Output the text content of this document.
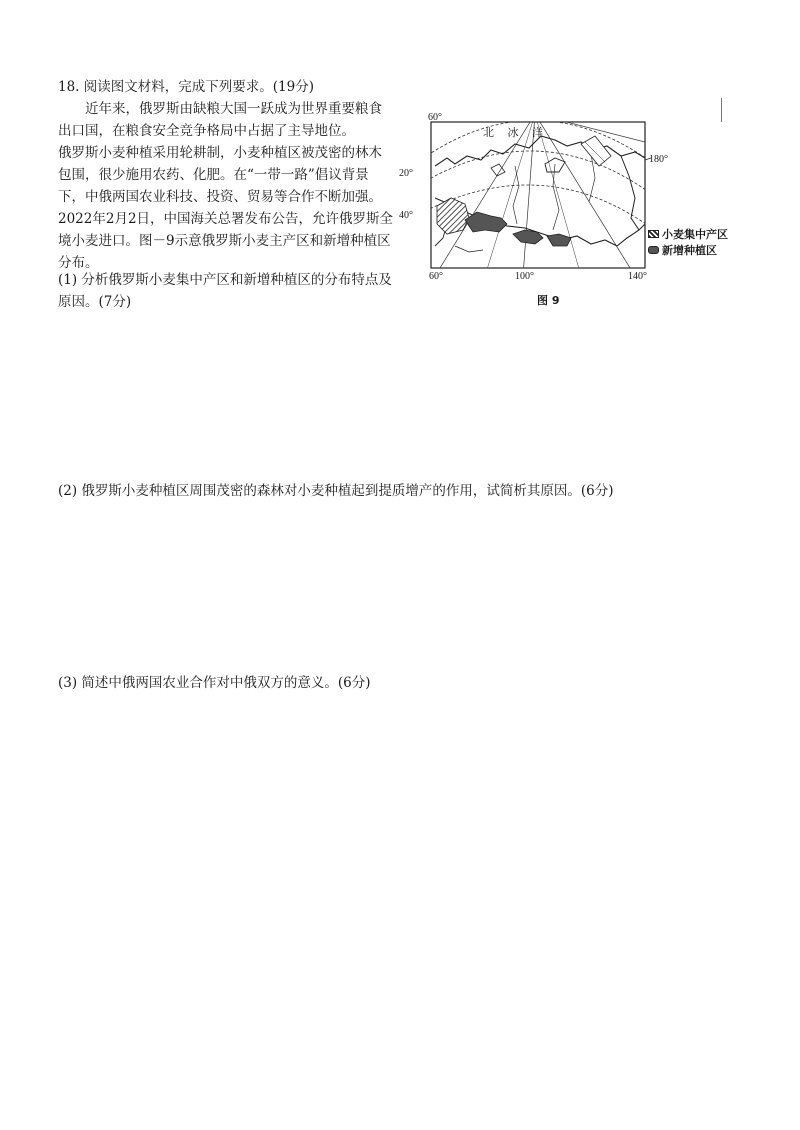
18. 阅读图文材料，完成下列要求。(19分)

近年来，俄罗斯由缺粮大国一跃成为世界重要粮食出口国，在粮食安全竞争格局中占据了主导地位。

俄罗斯小麦种植采用轮耕制，小麦种植区被茂密的林木包围，很少施用农药、化肥。在“一带一路”倡议背景下，中俄两国农业科技、投资、贸易等合作不断加强。

2022年2月2日，中国海关总署发布公告，允许俄罗斯全境小麦进口。图－9示意俄罗斯小麦主产区和新增种植区分布。

(1) 分析俄罗斯小麦集中产区和新增种植区的分布特点及原因。(7分)
(2) 俄罗斯小麦种植区周围茂密的森林对小麦种植起到提质增产的作用，试简析其原因。(6分)
(3) 简述中俄两国农业合作对中俄双方的意义。(6分)
北 冰 洋
60°
20°
40°
60°	100°	140°
180°
小麦集中产区
新增种植区
图 9
